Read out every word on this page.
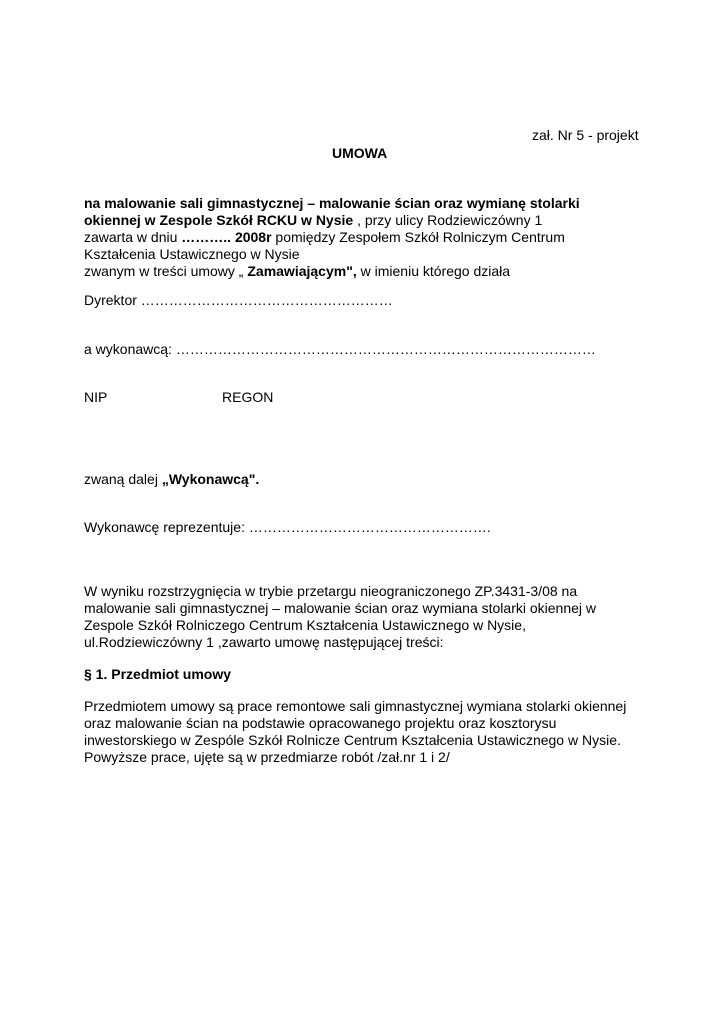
zał. Nr 5 - projekt
UMOWA
na malowanie sali gimnastycznej – malowanie ścian oraz wymianę stolarki
okiennej w Zespole Szkół RCKU w Nysie , przy ulicy Rodziewiczówny 1
zawarta w dniu ……….. 2008r pomiędzy Zespołem Szkół Rolniczym Centrum
Kształcenia Ustawicznego w Nysie
zwanym w treści umowy „ Zamawiającym", w imieniu którego działa
Dyrektor ………………………………………………
a wykonawcą: ………………………………………………………………………………
NIP	REGON
zwaną dalej „Wykonawcą".
Wykonawcę reprezentuje: …………………………………………….
W wyniku rozstrzygnięcia w trybie przetargu nieograniczonego ZP.3431-3/08 na
malowanie sali gimnastycznej – malowanie ścian oraz wymiana stolarki okiennej w
Zespole Szkół Rolniczego Centrum Kształcenia Ustawicznego w Nysie,
ul.Rodziewiczówny 1 ,zawarto umowę następującej treści:
§ 1. Przedmiot umowy
Przedmiotem umowy są prace remontowe sali gimnastycznej wymiana stolarki okiennej
oraz malowanie ścian na podstawie opracowanego projektu oraz kosztorysu
inwestorskiego w Zespóle Szkół Rolnicze Centrum Kształcenia Ustawicznego w Nysie.
Powyższe prace, ujęte są w przedmiarze robót /zał.nr 1 i 2/
